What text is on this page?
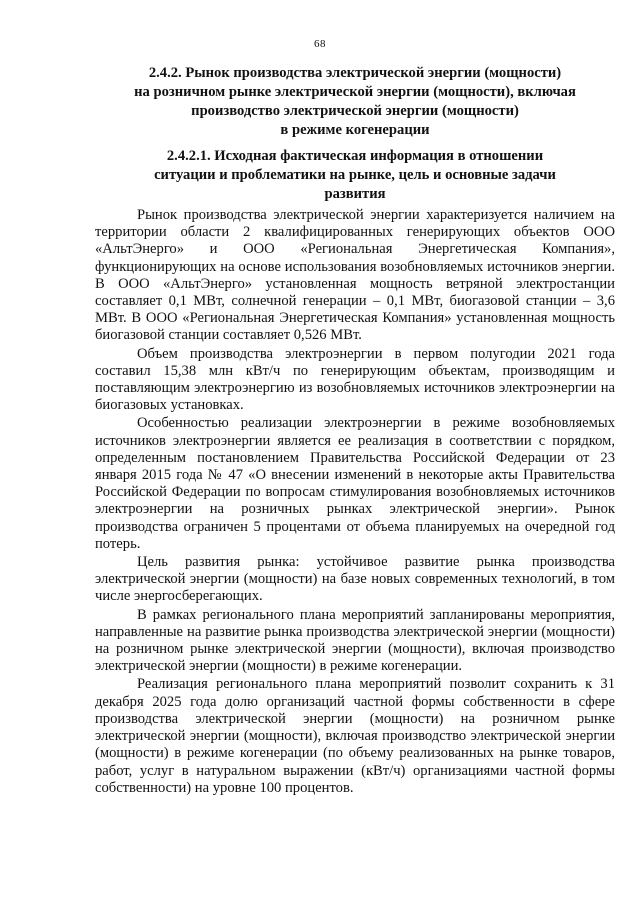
68
2.4.2. Рынок производства электрической энергии (мощности)
на розничном рынке электрической энергии (мощности), включая
производство электрической энергии (мощности)
в режиме когенерации
2.4.2.1. Исходная фактическая информация в отношении
ситуации и проблематики на рынке, цель и основные задачи
развития

Рынок производства электрической энергии характеризуется наличием на территории области 2 квалифицированных генерирующих объектов ООО «АльтЭнерго» и ООО «Региональная Энергетическая Компания», функционирующих на основе использования возобновляемых источников энергии. В ООО «АльтЭнерго» установленная мощность ветряной электростанции составляет 0,1 МВт, солнечной генерации – 0,1 МВт, биогазовой станции – 3,6 МВт. В ООО «Региональная Энергетическая Компания» установленная мощность биогазовой станции составляет 0,526 МВт.

Объем производства электроэнергии в первом полугодии 2021 года составил 15,38 млн кВт/ч по генерирующим объектам, производящим и поставляющим электроэнергию из возобновляемых источников электроэнергии на биогазовых установках.

Особенностью реализации электроэнергии в режиме возобновляемых источников электроэнергии является ее реализация в соответствии с порядком, определенным постановлением Правительства Российской Федерации от 23 января 2015 года № 47 «О внесении изменений в некоторые акты Правительства Российской Федерации по вопросам стимулирования возобновляемых источников электроэнергии на розничных рынках электрической энергии». Рынок производства ограничен 5 процентами от объема планируемых на очередной год потерь.

Цель развития рынка: устойчивое развитие рынка производства электрической энергии (мощности) на базе новых современных технологий, в том числе энергосберегающих.

В рамках регионального плана мероприятий запланированы мероприятия, направленные на развитие рынка производства электрической энергии (мощности) на розничном рынке электрической энергии (мощности), включая производство электрической энергии (мощности) в режиме когенерации.

Реализация регионального плана мероприятий позволит сохранить к 31 декабря 2025 года долю организаций частной формы собственности в сфере производства электрической энергии (мощности) на розничном рынке электрической энергии (мощности), включая производство электрической энергии (мощности) в режиме когенерации (по объему реализованных на рынке товаров, работ, услуг в натуральном выражении (кВт/ч) организациями частной формы собственности) на уровне 100 процентов.
